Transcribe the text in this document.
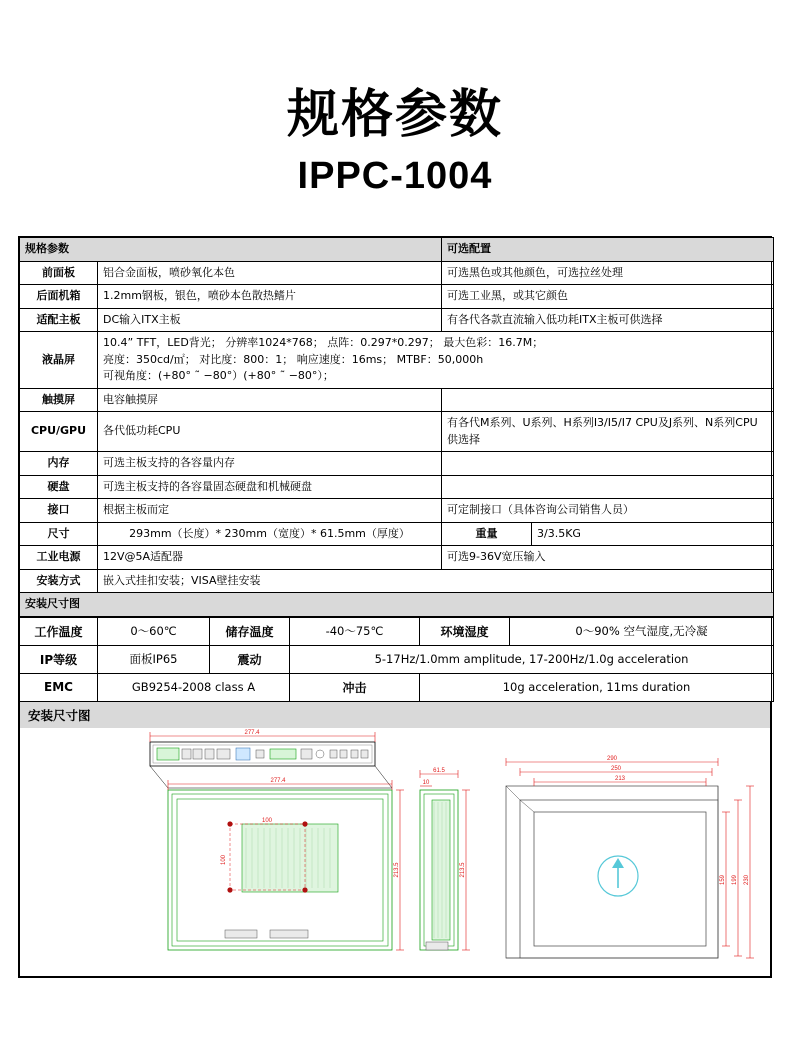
规格参数
IPPC-1004
规格参数		可选配置	
前面板	铝合金面板，喷砂氧化本色	可选黑色或其他颜色，可选拉丝处理	
后面机箱	1.2mm钢板，银色，喷砂本色散热鳍片	可选工业黑，或其它颜色	
适配主板	DC输入ITX主板	有各代各款直流输入低功耗ITX主板可供选择	
液晶屏	10.4” TFT，LED背光； 分辨率1024*768； 点阵：0.297*0.297； 最大色彩：16.7M；
亮度：350cd/㎡； 对比度：800：1； 响应速度：16ms； MTBF：50,000h
可视角度：(+80° ˜ −80°）(+80° ˜ −80°）；		

触摸屏	电容触摸屏		
CPU/GPU	各代低功耗CPU	有各代M系列、U系列、H系列I3/I5/I7 CPU及J系列、N系列CPU供选择	
内存	可选主板支持的各容量内存		
硬盘	可选主板支持的各容量固态硬盘和机械硬盘		
接口	根据主板而定	可定制接口（具体咨询公司销售人员）	
尺寸	293mm（长度）* 230mm（宽度）* 61.5mm（厚度）	重量	3/3.5KG
工业电源	12V@5A适配器	可选9-36V宽压输入	
安装方式	嵌入式挂扣安装；VISA壁挂安装		
安装尺寸图			
工作温度	0～60℃	储存温度	-40～75℃	环境湿度	0～90% 空气湿度,无冷凝
IP等级	面板IP65	震动	5-17Hz/1.0mm amplitude, 17-200Hz/1.0g acceleration		
EMC	GB9254-2008 class A		冲击	10g acceleration, 11ms duration	
安装尺寸图
277.4
100
100
277.4
213.5
61.5
10
213.5
290
250
213
159 199 230
